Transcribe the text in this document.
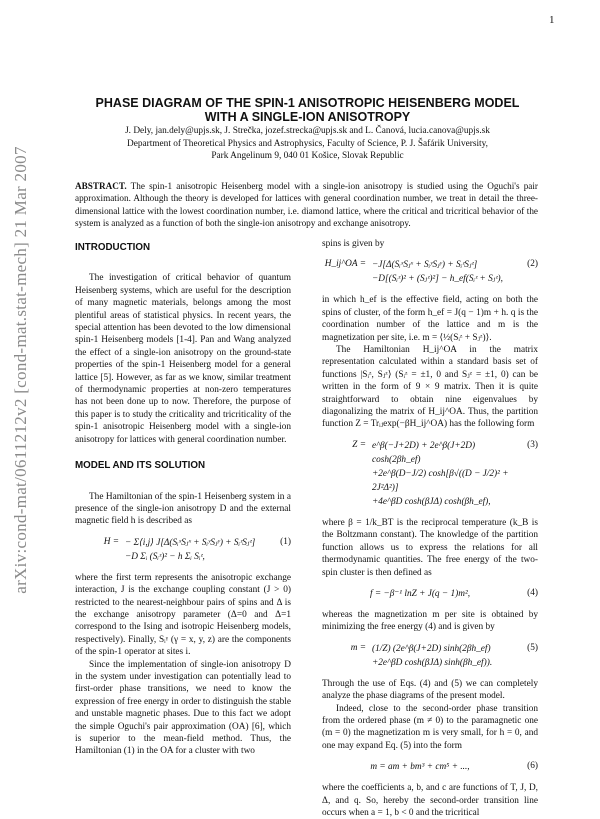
1
arXiv:cond-mat/0611212v2 [cond-mat.stat-mech] 21 Mar 2007
PHASE DIAGRAM OF THE SPIN-1 ANISOTROPIC HEISENBERG MODEL
WITH A SINGLE-ION ANISOTROPY
J. Dely, jan.dely@upjs.sk, J. Strečka, jozef.strecka@upjs.sk and L. Čanová, lucia.canova@upjs.sk
Department of Theoretical Physics and Astrophysics, Faculty of Science, P. J. Šafárik University,
Park Angelinum 9, 040 01 Košice, Slovak Republic
ABSTRACT. The spin-1 anisotropic Heisenberg model with a single-ion anisotropy is studied using the Oguchi's pair approximation. Although the theory is developed for lattices with general coordination number, we treat in detail the three-dimensional lattice with the lowest coordination number, i.e. diamond lattice, where the critical and tricritical behavior of the system is analyzed as a function of both the single-ion anisotropy and exchange anisotropy.
INTRODUCTION

The investigation of critical behavior of quantum Heisenberg systems, which are useful for the description of many magnetic materials, belongs among the most plentiful areas of statistical physics. In recent years, the special attention has been devoted to the low dimensional spin-1 Heisenberg models [1-4]. Pan and Wang analyzed the effect of a single-ion anisotropy on the ground-state properties of the spin-1 Heisenberg model for a general lattice [5]. However, as far as we know, similar treatment of thermodynamic properties at non-zero temperatures has not been done up to now. Therefore, the purpose of this paper is to study the criticality and tricriticality of the spin-1 anisotropic Heisenberg model with a single-ion anisotropy for lattices with general coordination number.

MODEL AND ITS SOLUTION

The Hamiltonian of the spin-1 Heisenberg system in a presence of the single-ion anisotropy D and the external magnetic field h is described as

H = − Σ⟨i,j⟩ J[Δ(SᵢˣSⱼˣ + SᵢʸSⱼʸ) + SᵢᶻSⱼᶻ]
−D Σᵢ (Sᵢᶻ)² − h Σᵢ Sᵢᶻ,
(1)

where the first term represents the anisotropic exchange interaction, J is the exchange coupling constant (J > 0) restricted to the nearest-neighbour pairs of spins and Δ is the exchange anisotropy parameter (Δ=0 and Δ=1 correspond to the Ising and isotropic Heisenberg models, respectively). Finally, Sᵢᵞ (γ = x, y, z) are the components of the spin-1 operator at sites i.

Since the implementation of single-ion anisotropy D in the system under investigation can potentially lead to first-order phase transitions, we need to know the expression of free energy in order to distinguish the stable and unstable magnetic phases. Due to this fact we adopt the simple Oguchi's pair approximation (OA) [6], which is superior to the mean-field method. Thus, the Hamiltonian (1) in the OA for a cluster with two

spins is given by

H_ij^OA = −J[Δ(SᵢˣSⱼˣ + SᵢʸSⱼʸ) + SᵢᶻSⱼᶻ]
−D[(Sᵢᶻ)² + (Sⱼᶻ)²] − h_ef(Sᵢᶻ + Sⱼᶻ),
(2)

in which h_ef is the effective field, acting on both the spins of cluster, of the form h_ef = J(q − 1)m + h. q is the coordination number of the lattice and m is the magnetization per site, i.e. m = ⟨½(Sᵢᶻ + Sⱼᶻ)⟩.

The Hamiltonian H_ij^OA in the matrix representation calculated within a standard basis set of functions |Sᵢᶻ, Sⱼᶻ⟩ (Sᵢᶻ = ±1, 0 and Sⱼᶻ = ±1, 0) can be written in the form of 9 × 9 matrix. Then it is quite straightforward to obtain nine eigenvalues by diagonalizing the matrix of H_ij^OA. Thus, the partition function Z = Trᵢⱼexp(−βH_ij^OA) has the following form

Z = e^β(−J+2D) + 2e^β(J+2D) cosh(2βh_ef)
+2e^β(D−J/2) cosh[β√((D − J/2)² + 2J²Δ²)]
+4e^βD cosh(βJΔ) cosh(βh_ef),
(3)

where β = 1/k_BT is the reciprocal temperature (k_B is the Boltzmann constant). The knowledge of the partition function allows us to express the relations for all thermodynamic quantities. The free energy of the two-spin cluster is then defined as

f = −β⁻¹ lnZ + J(q − 1)m²,	(4)

whereas the magnetization m per site is obtained by minimizing the free energy (4) and is given by

m = (1/Z) (2e^β(J+2D) sinh(2βh_ef)
+2e^βD cosh(βJΔ) sinh(βh_ef)).
(5)

Through the use of Eqs. (4) and (5) we can completely analyze the phase diagrams of the present model.

Indeed, close to the second-order phase transition from the ordered phase (m ≠ 0) to the paramagnetic one (m = 0) the magnetization m is very small, for h = 0, and one may expand Eq. (5) into the form

m = am + bm³ + cm⁵ + ...,	(6)

where the coefficients a, b, and c are functions of T, J, D, Δ, and q. So, hereby the second-order transition line occurs when a = 1, b < 0 and the tricritical
